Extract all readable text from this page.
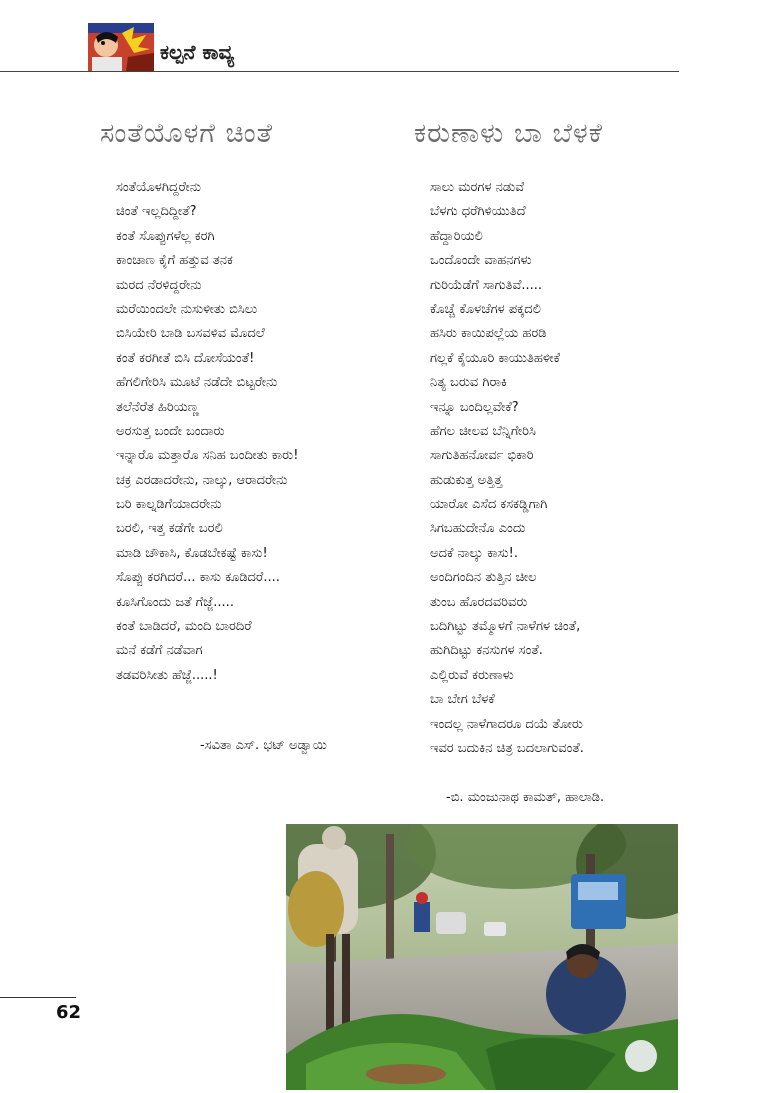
ಕಲ್ಪನೆ ಕಾವ್ಯ
ಸಂತೆಯೊಳಗೆ ಚಿಂತೆ
ಸಂತೆಯೊಳಗಿದ್ದರೇನು
ಚಿಂತೆ ಇಲ್ಲದಿದ್ದೀತೆ?
ಕಂತೆ ಸೊಪ್ಪುಗಳೆಲ್ಲ ಕರಗಿ
ಕಾಂಚಾಣ ಕೈಗೆ ಹತ್ತುವ ತನಕ
ಮರದ ನೆರಳಿದ್ದರೇನು
ಮರೆಯಿಂದಲೇ ನುಸುಳೀತು ಬಿಸಿಲು
ಬಿಸಿಯೇರಿ ಬಾಡಿ ಬಸವಳಿವ ಮೊದಲೆ
ಕಂತೆ ಕರಗೀತೆ ಬಿಸಿ ದೋಸೆಯಂತೆ!
ಹೆಗಲಿಗೇರಿಸಿ ಮೂಟೆ ನಡೆದೇ ಬಿಟ್ಟರೇನು
ತಲೆನೆರೆತ ಹಿರಿಯಣ್ಣ
ಅರಸುತ್ತ ಬಂದೇ ಬಂದಾರು
ಇನ್ನಾರೊ ಮತ್ತಾರೊ ಸನಿಹ ಬಂದೀತು ಕಾರು!
ಚಕ್ರ ಎರಡಾದರೇನು, ನಾಲ್ಕು, ಆರಾದರೇನು
ಬರಿ ಕಾಲ್ನಡಿಗೆಯಾದರೇನು
ಬರಲಿ, ಇತ್ತ ಕಡೆಗೇ ಬರಲಿ
ಮಾಡಿ ಚೌಕಾಸಿ, ಕೊಡಬೇಕಷ್ಟೆ ಕಾಸು!
ಸೊಪ್ಪು ಕರಗಿದರೆ... ಕಾಸು ಕೂಡಿದರೆ....
ಕೂಸಿಗೊಂದು ಜತೆ ಗೆಜ್ಜೆ.....
ಕಂತೆ ಬಾಡಿದರೆ, ಮಂದಿ ಬಾರದಿರೆ
ಮನೆ ಕಡೆಗೆ ನಡೆವಾಗ
ತಡವರಿಸೀತು ಹೆಜ್ಜೆ.....!
-ಸವಿತಾ ಎಸ್. ಭಟ್ ಅಡ್ವಾಯಿ
ಕರುಣಾಳು ಬಾ ಬೆಳಕೆ
ಸಾಲು ಮರಗಳ ನಡುವೆ
ಬೆಳಗು ಧರೆಗಿಳಿಯುತಿದೆ
ಹೆದ್ದಾರಿಯಲಿ
ಒಂದೊಂದೇ ವಾಹನಗಳು
ಗುರಿಯೆಡೆಗೆ ಸಾಗುತಿವೆ.....
ಕೊಚ್ಚೆ ಕೊಳಚೆಗಳ ಪಕ್ಕದಲಿ
ಹಸಿರು ಕಾಯಿಪಲ್ಲೆಯ ಹರಡಿ
ಗಲ್ಲಕೆ ಕೈಯೂರಿ ಕಾಯುತಿಹಳೀಕೆ
ನಿತ್ಯ ಬರುವ ಗಿರಾಕಿ
ಇನ್ನೂ ಬಂದಿಲ್ಲವೇಕೆ?
ಹೆಗಲ ಚೀಲವ ಬೆನ್ನಿಗೇರಿಸಿ
ಸಾಗುತಿಹನೋರ್ವ ಭಿಕಾರಿ
ಹುಡುಕುತ್ತ ಅತ್ತಿತ್ತ
ಯಾರೋ ಎಸೆದ ಕಸಕಡ್ಡಿಗಾಗಿ
ಸಿಗಬಹುದೇನೊ ಎಂದು
ಅದಕೆ ನಾಲ್ಕು ಕಾಸು!.
ಅಂದಿಗಂದಿನ ತುತ್ತಿನ ಚೀಲ
ತುಂಬ ಹೊರದವರಿವರು
ಬದಿಗಿಟ್ಟು ತಮ್ಮೊಳಗೆ ನಾಳೆಗಳ ಚಿಂತೆ,
ಹುಗಿದಿಟ್ಟು ಕನಸುಗಳ ಸಂತೆ.
ಎಲ್ಲಿರುವೆ ಕರುಣಾಳು
ಬಾ ಬೇಗ ಬೆಳಕೆ
ಇಂದಲ್ಲ ನಾಳೆಗಾದರೂ ದಯೆ ತೋರು
ಇವರ ಬದುಕಿನ ಚಿತ್ರ ಬದಲಾಗುವಂತೆ.
-ಬಿ. ಮಂಜುನಾಥ ಕಾಮತ್, ಹಾಲಾಡಿ.
62
